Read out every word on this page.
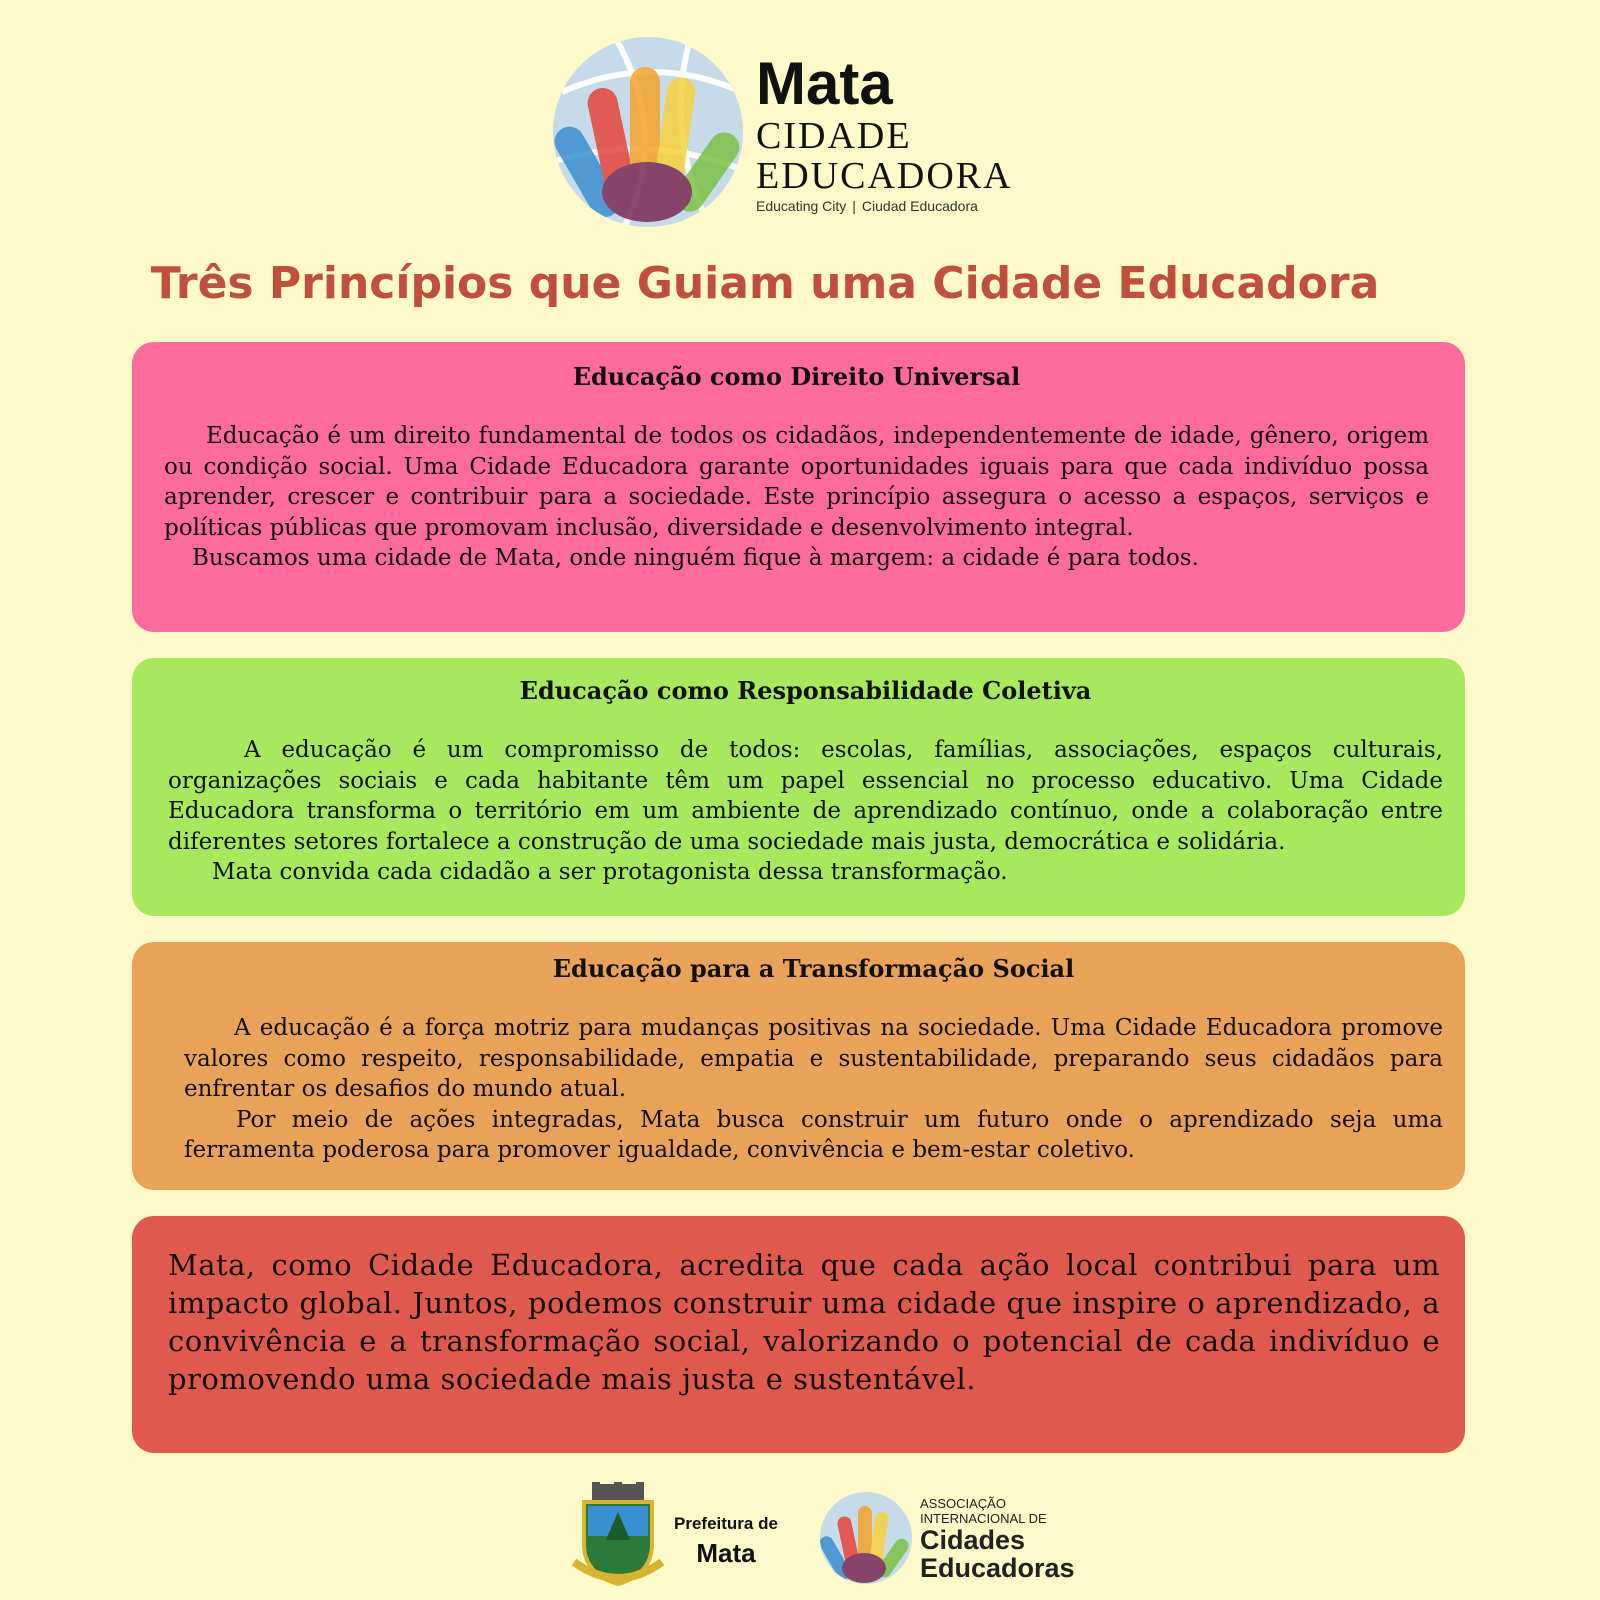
Mata
CIDADE
EDUCADORA
Educating City | Ciudad Educadora
Três Princípios que Guiam uma Cidade Educadora
Educação como Direito Universal

Educação é um direito fundamental de todos os cidadãos, independentemente de idade, gênero, origem ou condição social. Uma Cidade Educadora garante oportunidades iguais para que cada indivíduo possa aprender, crescer e contribuir para a sociedade. Este princípio assegura o acesso a espaços, serviços e políticas públicas que promovam inclusão, diversidade e desenvolvimento integral.

Buscamos uma cidade de Mata, onde ninguém fique à margem: a cidade é para todos.

Educação como Responsabilidade Coletiva

A educação é um compromisso de todos: escolas, famílias, associações, espaços culturais, organizações sociais e cada habitante têm um papel essencial no processo educativo. Uma Cidade Educadora transforma o território em um ambiente de aprendizado contínuo, onde a colaboração entre diferentes setores fortalece a construção de uma sociedade mais justa, democrática e solidária.

Mata convida cada cidadão a ser protagonista dessa transformação.

Educação para a Transformação Social

A educação é a força motriz para mudanças positivas na sociedade. Uma Cidade Educadora promove valores como respeito, responsabilidade, empatia e sustentabilidade, preparando seus cidadãos para enfrentar os desafios do mundo atual.

Por meio de ações integradas, Mata busca construir um futuro onde o aprendizado seja uma ferramenta poderosa para promover igualdade, convivência e bem-estar coletivo.

Mata, como Cidade Educadora, acredita que cada ação local contribui para um impacto global. Juntos, podemos construir uma cidade que inspire o aprendizado, a convivência e a transformação social, valorizando o potencial de cada indivíduo e promovendo uma sociedade mais justa e sustentável.

Prefeitura de
Mata
ASSOCIAÇÃO
INTERNACIONAL DE
Cidades
Educadoras
